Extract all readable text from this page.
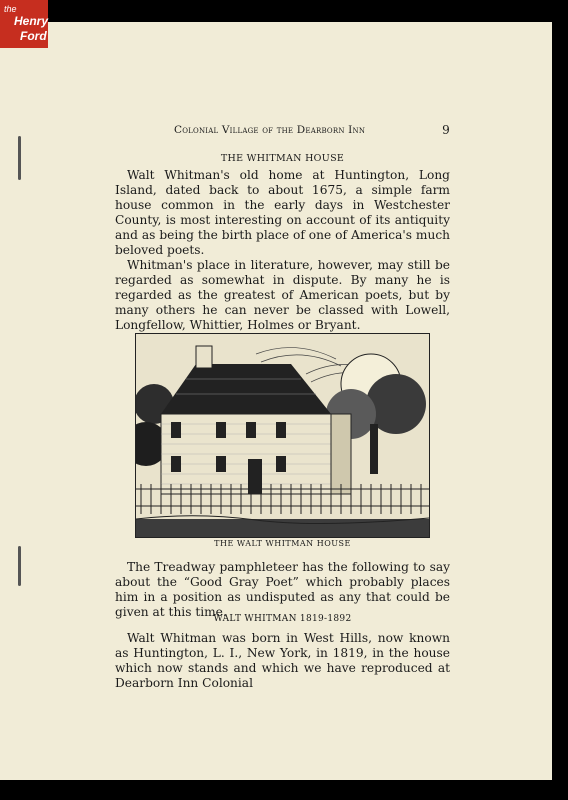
the
Henry
Ford
Colonial Village of the Dearborn Inn	9
THE WHITMAN HOUSE

Walt Whitman's old home at Huntington, Long Island, dated back to about 1675, a simple farm house common in the early days in Westchester County, is most interesting on account of its antiquity and as being the birth place of one of America's much beloved poets.

Whitman's place in literature, however, may still be regarded as somewhat in dispute. By many he is regarded as the greatest of American poets, but by many others he can never be classed with Lowell, Longfellow, Whittier, Holmes or Bryant.

THE WALT WHITMAN HOUSE

The Treadway pamphleteer has the following to say about the “Good Gray Poet” which probably places him in a position as undisputed as any that could be given at this time.

WALT WHITMAN 1819-1892

Walt Whitman was born in West Hills, now known as Huntington, L. I., New York, in 1819, in the house which now stands and which we have reproduced at Dearborn Inn Colonial
